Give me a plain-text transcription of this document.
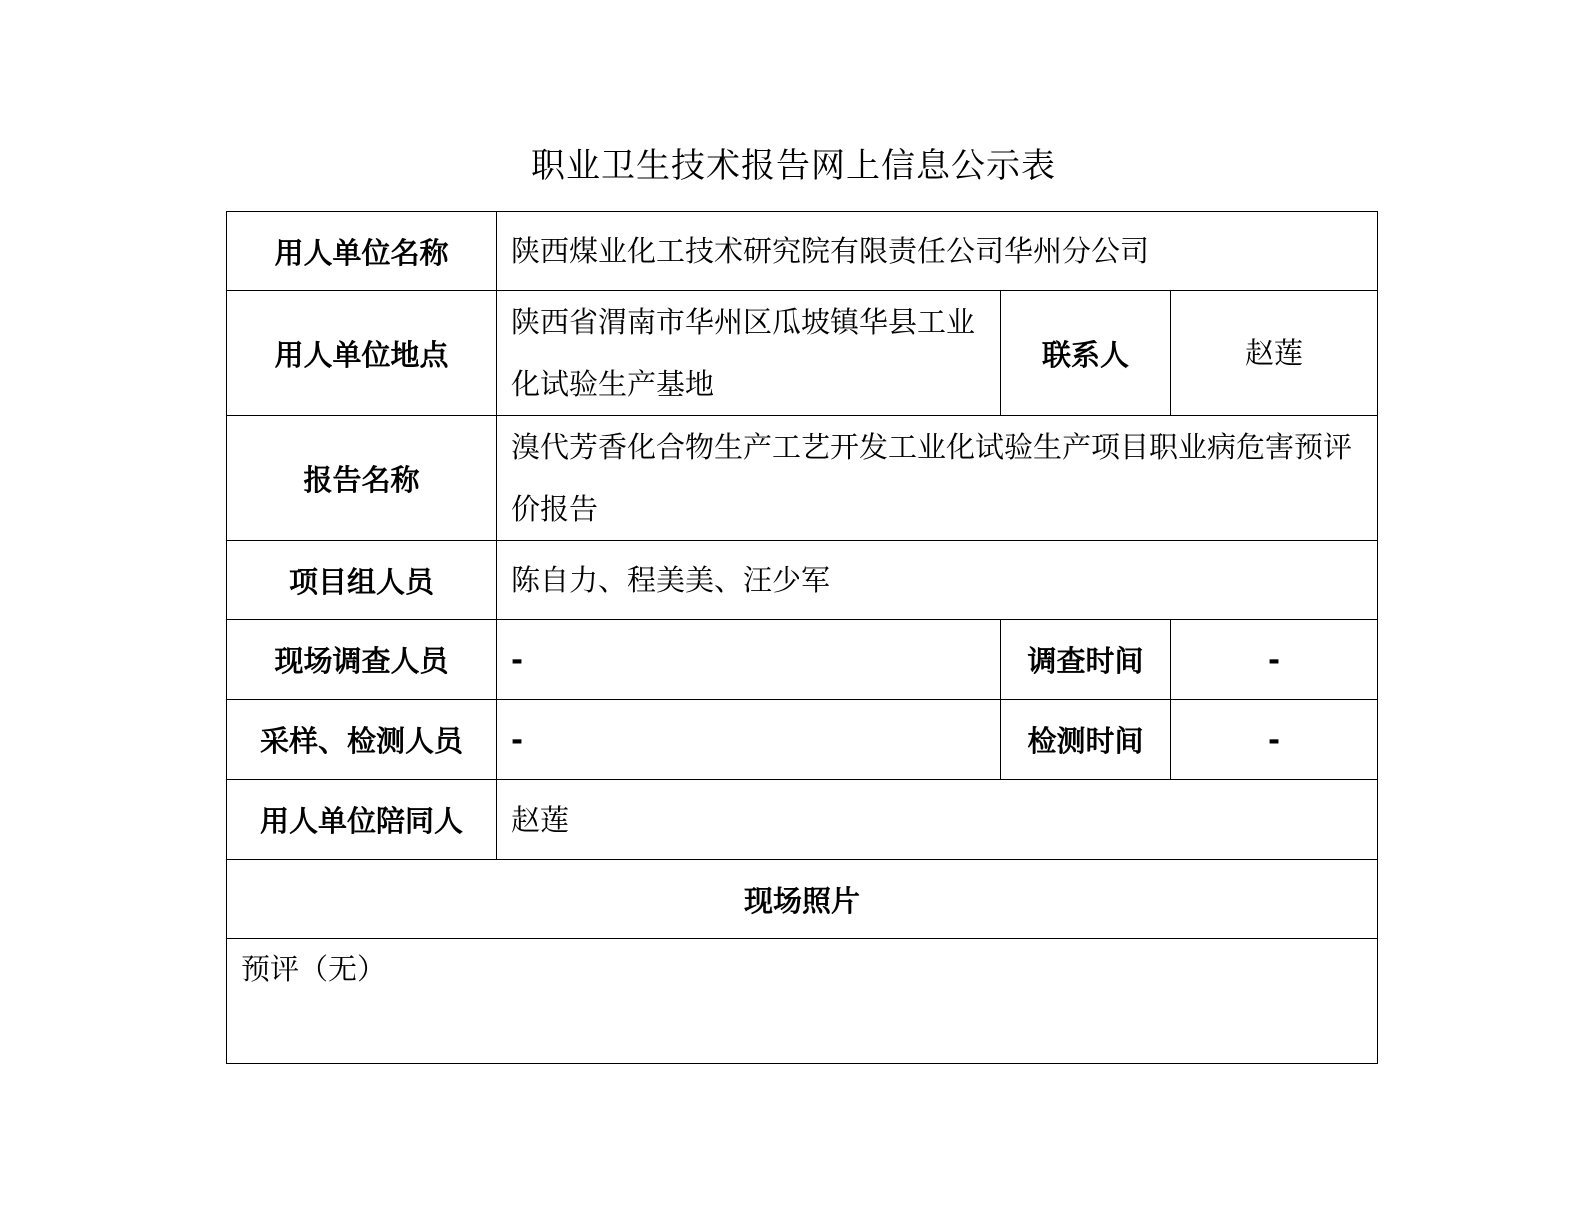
职业卫生技术报告网上信息公示表
用人单位名称	陕西煤业化工技术研究院有限责任公司华州分公司		
用人单位地点	陕西省渭南市华州区瓜坡镇华县工业化试验生产基地	联系人	赵莲
报告名称	溴代芳香化合物生产工艺开发工业化试验生产项目职业病危害预评价报告		
项目组人员	陈自力、程美美、汪少军		
现场调查人员	-	调查时间	-
采样、检测人员	-	检测时间	-
用人单位陪同人	赵莲		
现场照片			
预评（无）			
